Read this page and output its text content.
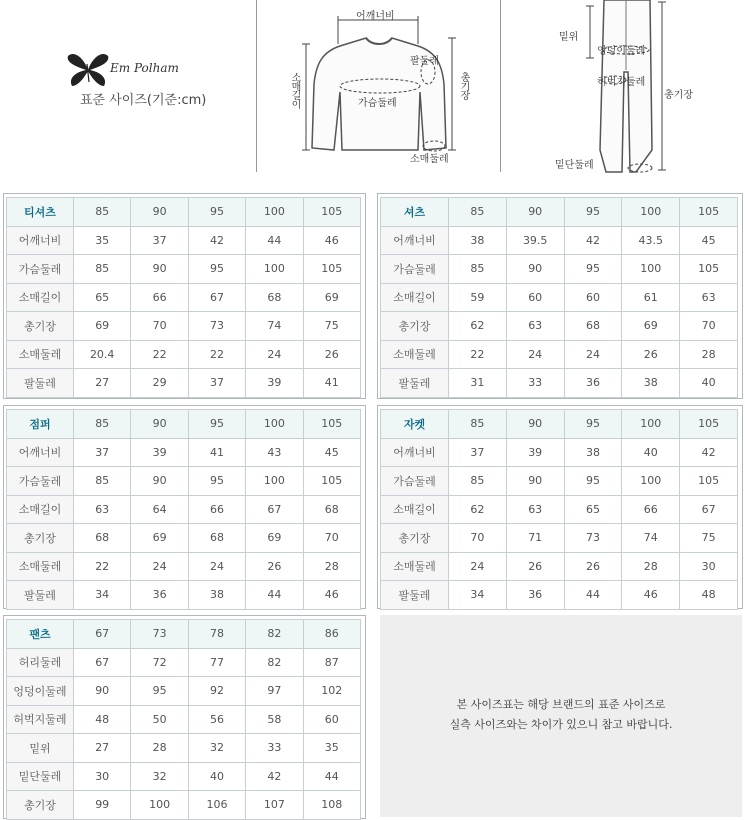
Em Polham
표준 사이즈(기준:cm)
어깨너비
팔둘레
가슴둘레
소매둘레
소매길이	총기장
밑위
엉덩이둘레
허벅지둘레
총기장
밑단둘레
티셔츠	85	90	95	100	105
어깨너비	35	37	42	44	46
가슴둘레	85	90	95	100	105
소매길이	65	66	67	68	69
총기장	69	70	73	74	75
소매둘레	20.4	22	22	24	26
팔둘레	27	29	37	39	41
셔츠	85	90	95	100	105
어깨너비	38	39.5	42	43.5	45
가슴둘레	85	90	95	100	105
소매길이	59	60	60	61	63
총기장	62	63	68	69	70
소매둘레	22	24	24	26	28
팔둘레	31	33	36	38	40
점퍼	85	90	95	100	105
어깨너비	37	39	41	43	45
가슴둘레	85	90	95	100	105
소매길이	63	64	66	67	68
총기장	68	69	68	69	70
소매둘레	22	24	24	26	28
팔둘레	34	36	38	44	46
자켓	85	90	95	100	105
어깨너비	37	39	38	40	42
가슴둘레	85	90	95	100	105
소매길이	62	63	65	66	67
총기장	70	71	73	74	75
소매둘레	24	26	26	28	30
팔둘레	34	36	44	46	48
팬츠	67	73	78	82	86
허리둘레	67	72	77	82	87
엉덩이둘레	90	95	92	97	102
허벅지둘레	48	50	56	58	60
밑위	27	28	32	33	35
밑단둘레	30	32	40	42	44
총기장	99	100	106	107	108
본 사이즈표는 해당 브랜드의 표준 사이즈로
실측 사이즈와는 차이가 있으니 참고 바랍니다.
